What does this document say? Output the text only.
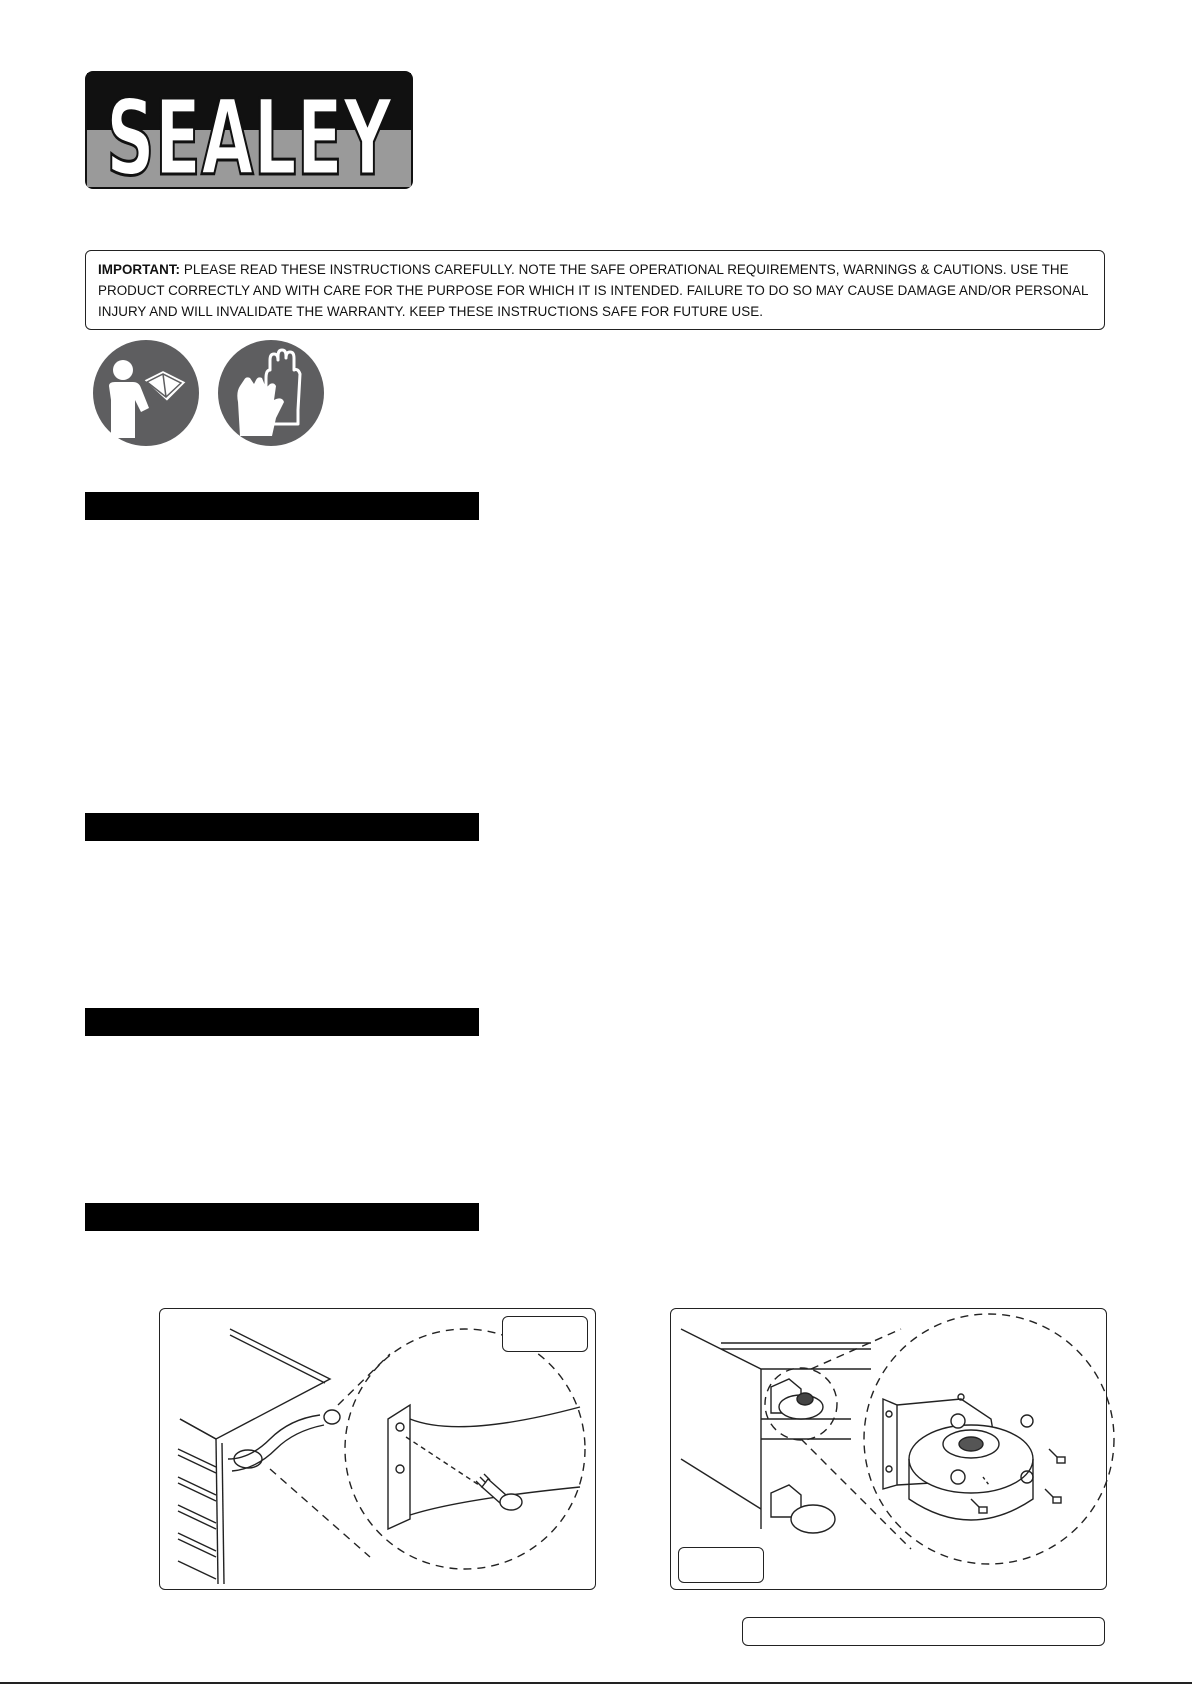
SEALEY
IMPORTANT: PLEASE READ THESE INSTRUCTIONS CAREFULLY. NOTE THE SAFE OPERATIONAL REQUIREMENTS, WARNINGS & CAUTIONS. USE THE PRODUCT CORRECTLY AND WITH CARE FOR THE PURPOSE FOR WHICH IT IS INTENDED. FAILURE TO DO SO MAY CAUSE DAMAGE AND/OR PERSONAL INJURY AND WILL INVALIDATE THE WARRANTY. KEEP THESE INSTRUCTIONS SAFE FOR FUTURE USE.
